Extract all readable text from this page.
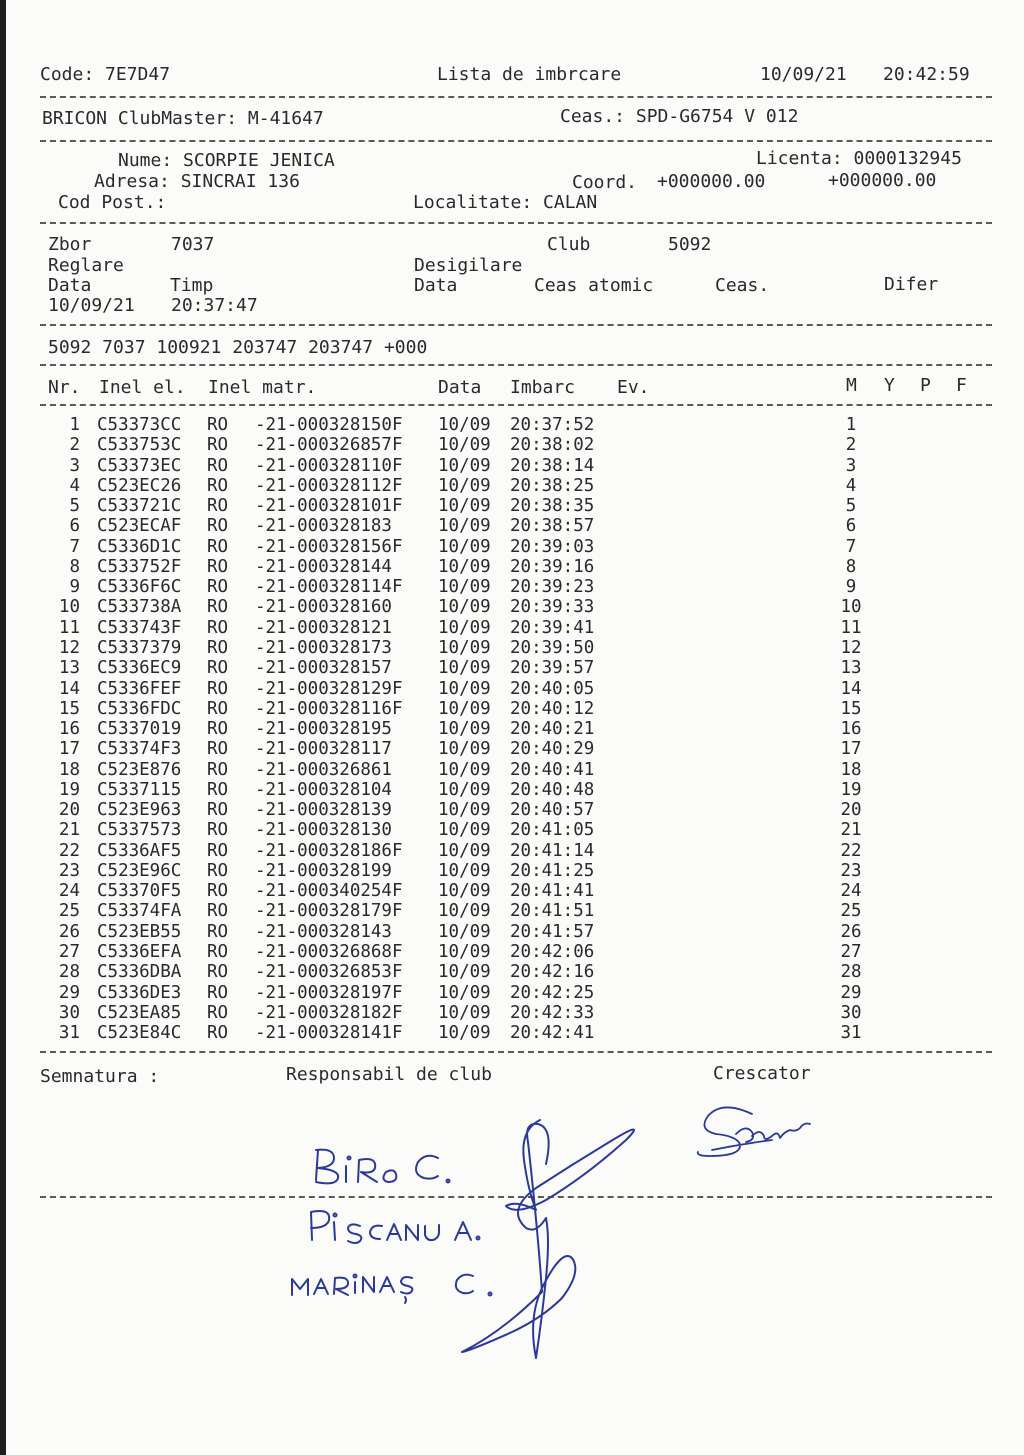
Code: 7E7D47	Lista de imbrcare	10/09/21 20:42:59
BRICON ClubMaster: M-41647	Ceas.: SPD-G6754 V 012
Nume: SCORPIE JENICA	Licenta: 0000132945
Adresa: SINCRAI 136	Coord. +000000.00	+000000.00
Cod Post.:	Localitate: CALAN
Zbor	7037	Club	5092
Reglare	Desigilare
Data	Timp	Data	Ceas atomic	Ceas.	Difer
10/09/21 20:37:47
5092 7037 100921 203747 203747 +000
Nr. Inel el. Inel matr.	Data Imbarc Ev.	M Y P F
1 C53373CC RO -21-000328150F 10/09 20:37:52	1
2 C533753C RO -21-000326857F 10/09 20:38:02	2
3 C53373EC RO -21-000328110F 10/09 20:38:14	3
4 C523EC26 RO -21-000328112F 10/09 20:38:25	4
5 C533721C RO -21-000328101F 10/09 20:38:35	5
6 C523ECAF RO -21-000328183	10/09 20:38:57	6
7 C5336D1C RO -21-000328156F 10/09 20:39:03	7
8 C533752F RO -21-000328144	10/09 20:39:16	8
9 C5336F6C RO -21-000328114F 10/09 20:39:23	9
10 C533738A RO -21-000328160	10/09 20:39:33	10
11 C533743F RO -21-000328121	10/09 20:39:41	11
12 C5337379 RO -21-000328173	10/09 20:39:50	12
13 C5336EC9 RO -21-000328157	10/09 20:39:57	13
14 C5336FEF RO -21-000328129F 10/09 20:40:05	14
15 C5336FDC RO -21-000328116F 10/09 20:40:12	15
16 C5337019 RO -21-000328195	10/09 20:40:21	16
17 C53374F3 RO -21-000328117	10/09 20:40:29	17
18 C523E876 RO -21-000326861	10/09 20:40:41	18
19 C5337115 RO -21-000328104	10/09 20:40:48	19
20 C523E963 RO -21-000328139	10/09 20:40:57	20
21 C5337573 RO -21-000328130	10/09 20:41:05	21
22 C5336AF5 RO -21-000328186F 10/09 20:41:14	22
23 C523E96C RO -21-000328199	10/09 20:41:25	23
24 C53370F5 RO -21-000340254F 10/09 20:41:41	24
25 C53374FA RO -21-000328179F 10/09 20:41:51	25
26 C523EB55 RO -21-000328143	10/09 20:41:57	26
27 C5336EFA RO -21-000326868F 10/09 20:42:06	27
28 C5336DBA RO -21-000326853F 10/09 20:42:16	28
29 C5336DE3 RO -21-000328197F 10/09 20:42:25	29
30 C523EA85 RO -21-000328182F 10/09 20:42:33	30
31 C523E84C RO -21-000328141F 10/09 20:42:41	31
Semnatura :	Responsabil de club	Crescator
